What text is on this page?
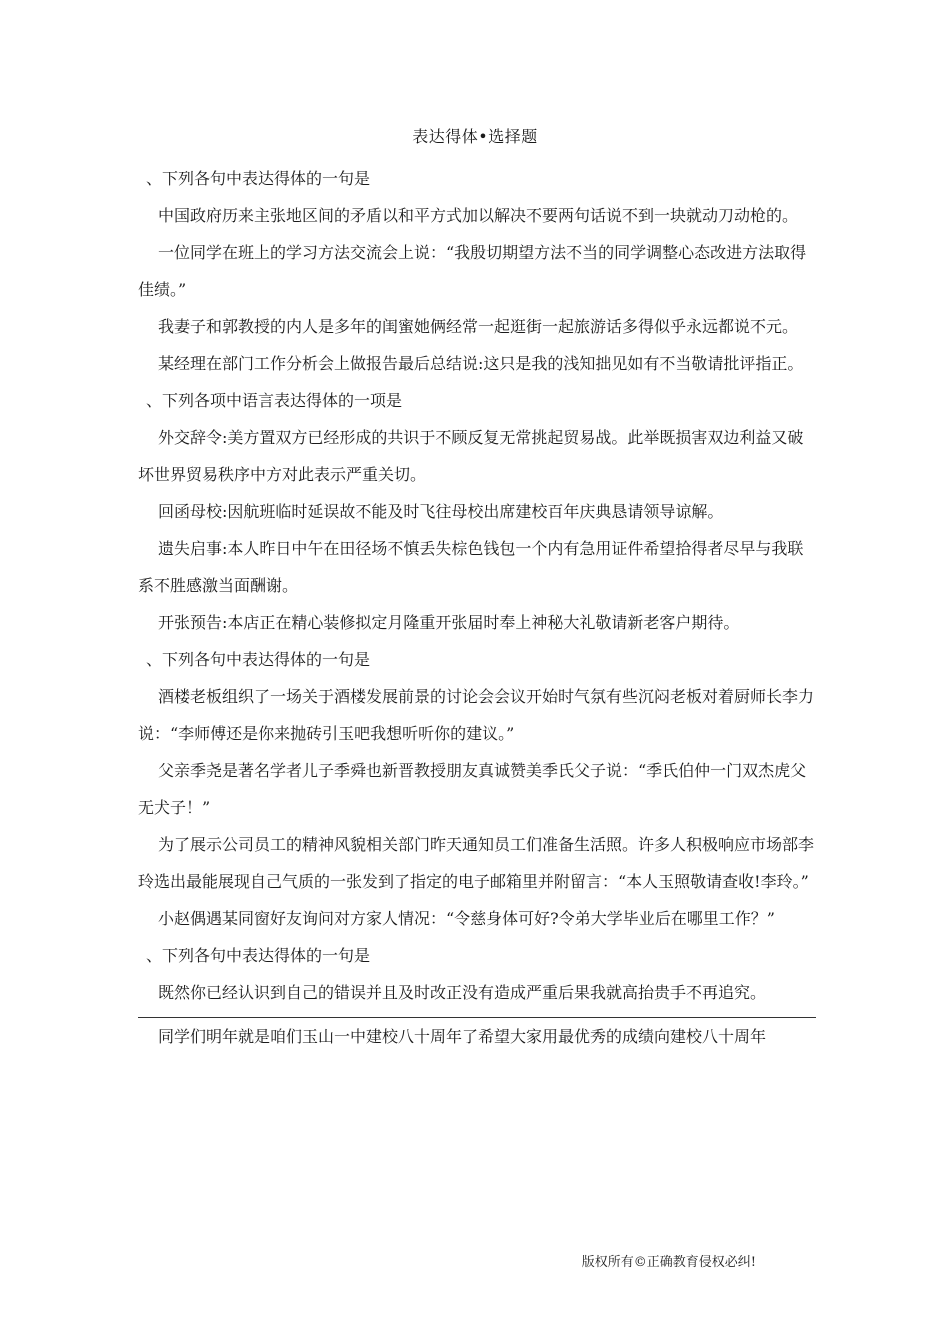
表达得体•选择题

、下列各句中表达得体的一句是

中国政府历来主张地区间的矛盾以和平方式加以解决不要两句话说不到一块就动刀动枪的。

一位同学在班上的学习方法交流会上说：“我殷切期望方法不当的同学调整心态改进方法取得佳绩。”

我妻子和郭教授的内人是多年的闺蜜她俩经常一起逛街一起旅游话多得似乎永远都说不元。

某经理在部门工作分析会上做报告最后总结说:这只是我的浅知拙见如有不当敬请批评指正。

、下列各项中语言表达得体的一项是

外交辞令:美方置双方已经形成的共识于不顾反复无常挑起贸易战。此举既损害双边利益又破坏世界贸易秩序中方对此表示严重关切。

回函母校:因航班临时延误故不能及时飞往母校出席建校百年庆典恳请领导谅解。

遗失启事:本人昨日中午在田径场不慎丢失棕色钱包一个内有急用证件希望拾得者尽早与我联系不胜感激当面酬谢。

开张预告:本店正在精心装修拟定月隆重开张届时奉上神秘大礼敬请新老客户期待。

、下列各句中表达得体的一句是

酒楼老板组织了一场关于酒楼发展前景的讨论会会议开始时气氛有些沉闷老板对着厨师长李力说：“李师傅还是你来抛砖引玉吧我想听听你的建议。”

父亲季尧是著名学者儿子季舜也新晋教授朋友真诚赞美季氏父子说：“季氏伯仲一门双杰虎父无犬子！”

为了展示公司员工的精神风貌相关部门昨天通知员工们准备生活照。许多人积极响应市场部李玲选出最能展现自己气质的一张发到了指定的电子邮箱里并附留言：“本人玉照敬请查收!李玲。”

小赵偶遇某同窗好友询问对方家人情况：“令慈身体可好?令弟大学毕业后在哪里工作？”

、下列各句中表达得体的一句是

既然你已经认识到自己的错误并且及时改正没有造成严重后果我就高抬贵手不再追究。

同学们明年就是咱们玉山一中建校八十周年了希望大家用最优秀的成绩向建校八十周年

版权所有©正确教育侵权必纠!
